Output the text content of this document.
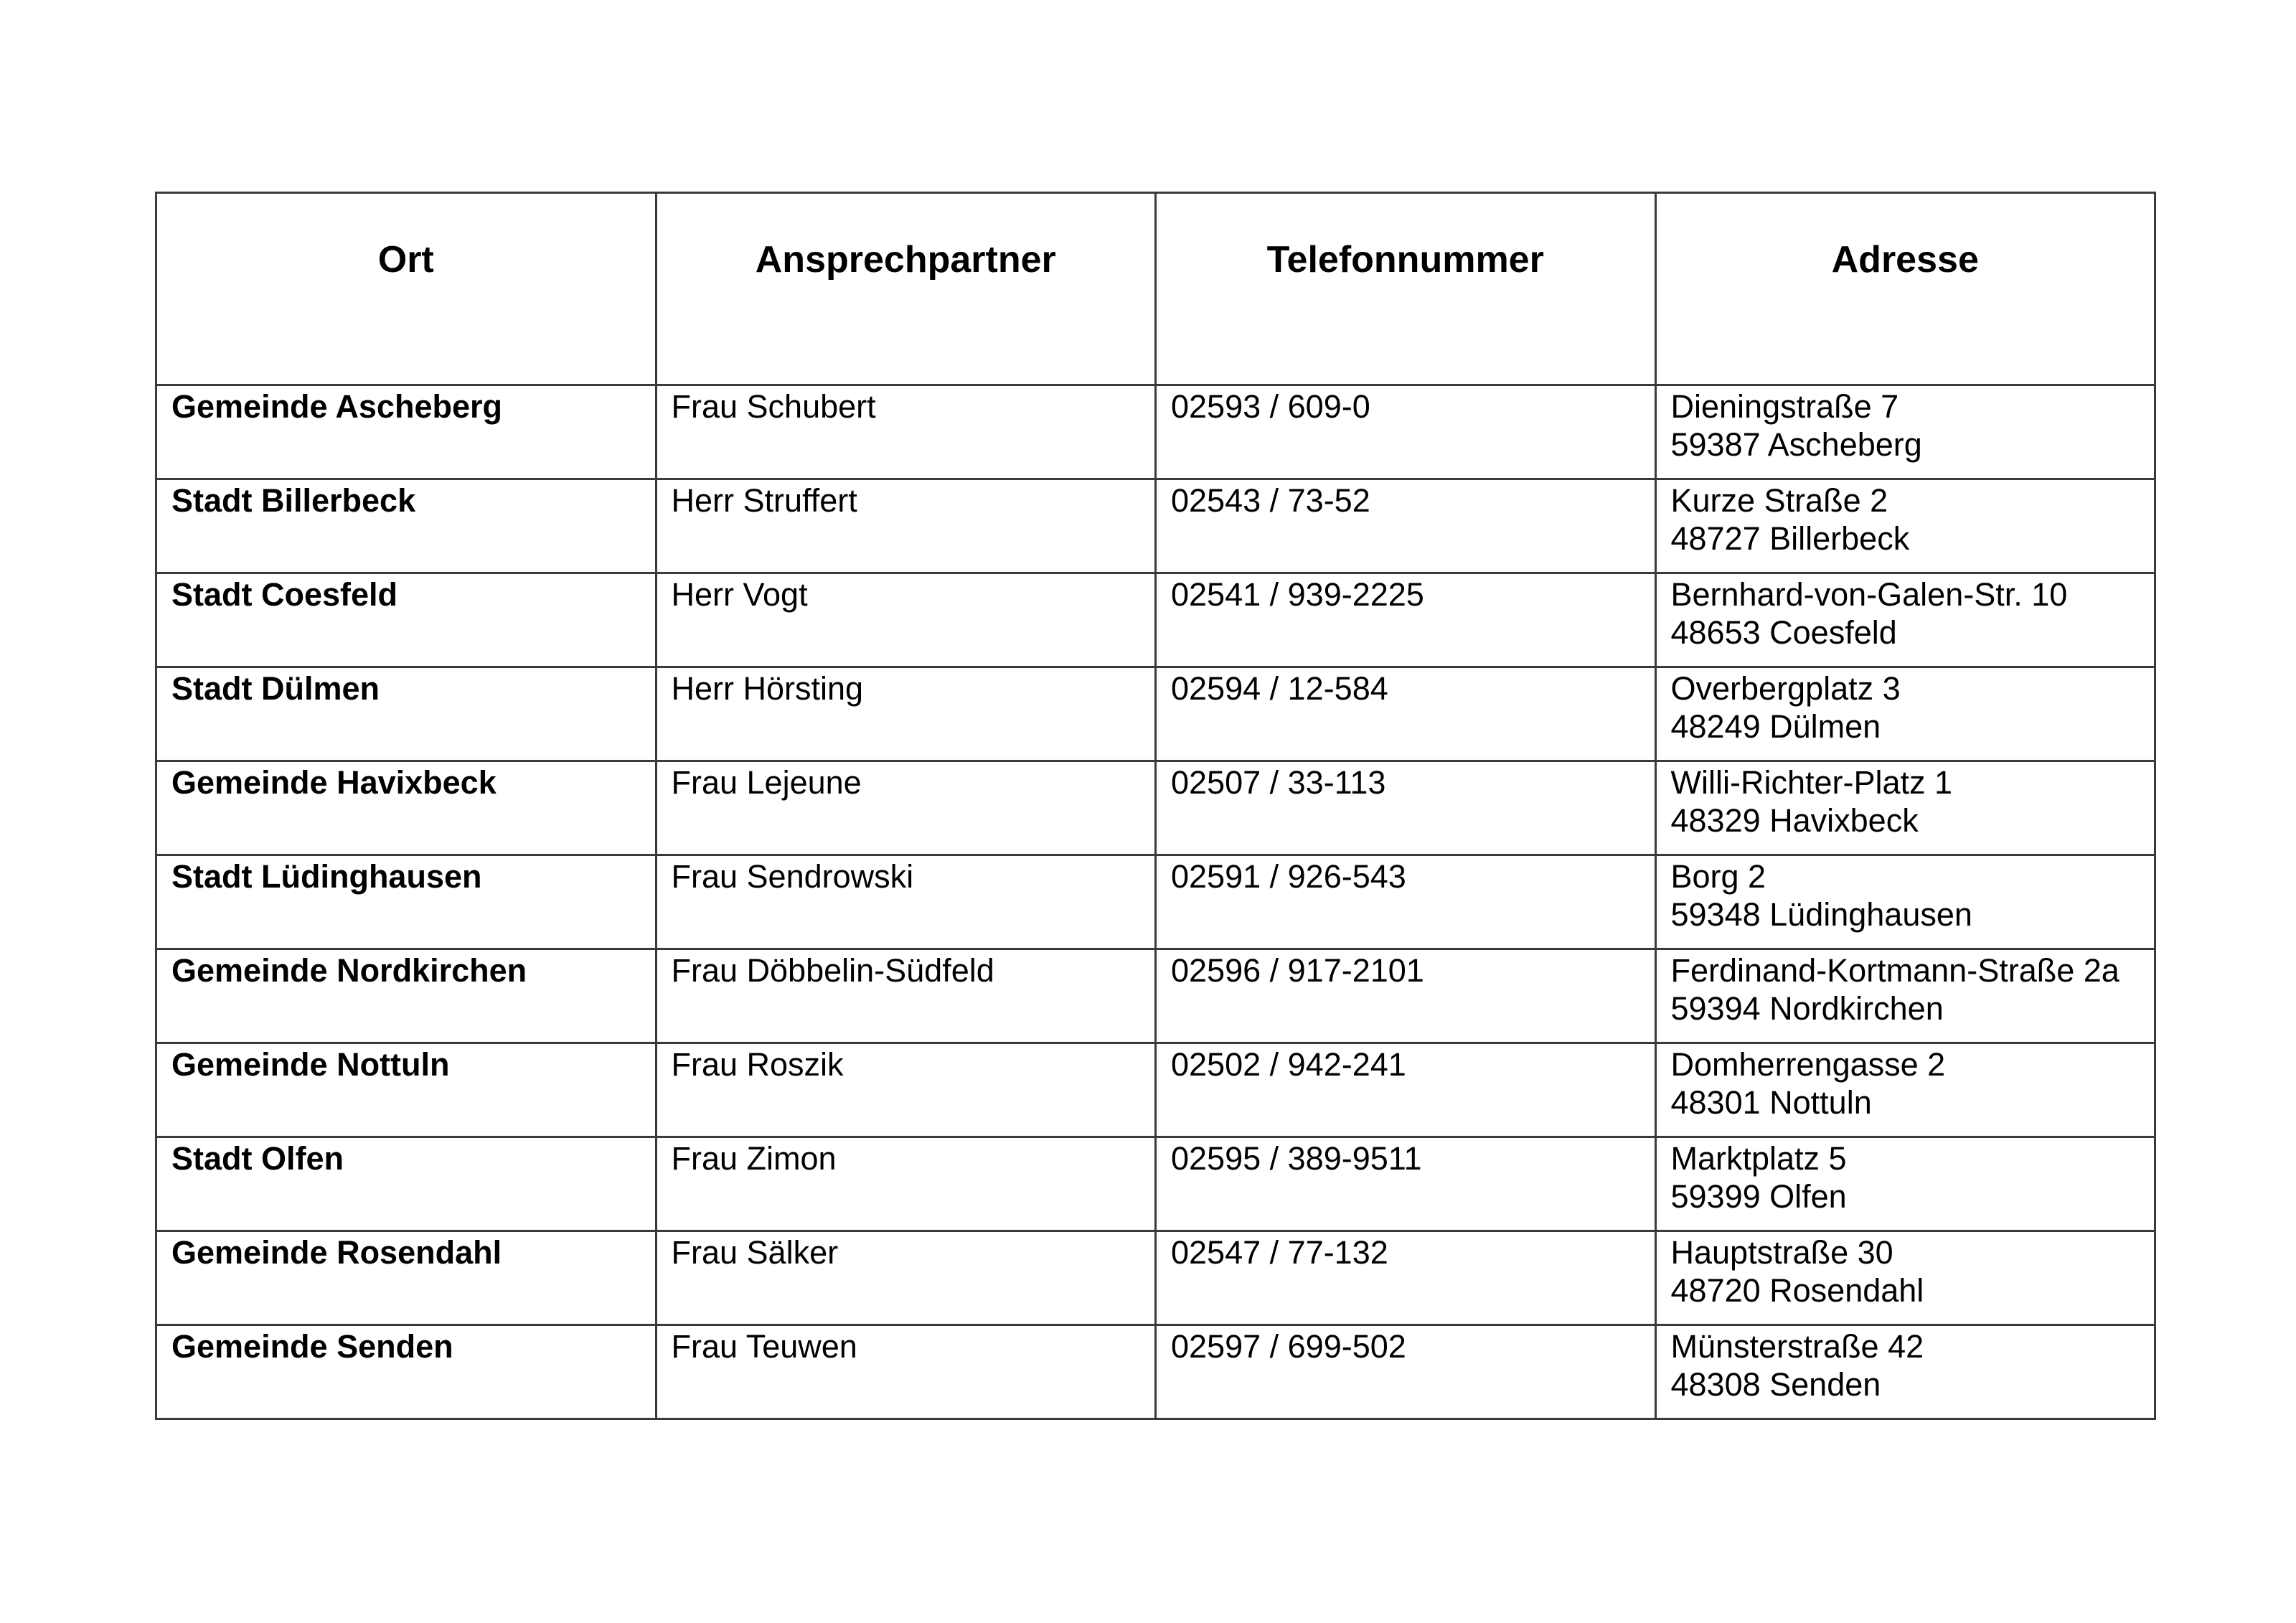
Ort	Ansprechpartner	Telefonnummer	Adresse

Gemeinde Ascheberg	Frau Schubert	02593 / 609-0	Dieningstraße 7
59387 Ascheberg

Stadt Billerbeck	Herr Struffert	02543 / 73-52	Kurze Straße 2
48727 Billerbeck

Stadt Coesfeld	Herr Vogt	02541 / 939-2225	Bernhard-von-Galen-Str. 10
48653 Coesfeld

Stadt Dülmen	Herr Hörsting	02594 / 12-584	Overbergplatz 3
48249 Dülmen

Gemeinde Havixbeck	Frau Lejeune	02507 / 33-113	Willi-Richter-Platz 1
48329 Havixbeck

Stadt Lüdinghausen	Frau Sendrowski	02591 / 926-543	Borg 2
59348 Lüdinghausen

Gemeinde Nordkirchen	Frau Döbbelin-Südfeld	02596 / 917-2101	Ferdinand-Kortmann-Straße 2a
59394 Nordkirchen

Gemeinde Nottuln	Frau Roszik	02502 / 942-241	Domherrengasse 2
48301 Nottuln

Stadt Olfen	Frau Zimon	02595 / 389-9511	Marktplatz 5
59399 Olfen

Gemeinde Rosendahl	Frau Sälker	02547 / 77-132	Hauptstraße 30
48720 Rosendahl

Gemeinde Senden	Frau Teuwen	02597 / 699-502	Münsterstraße 42
48308 Senden
